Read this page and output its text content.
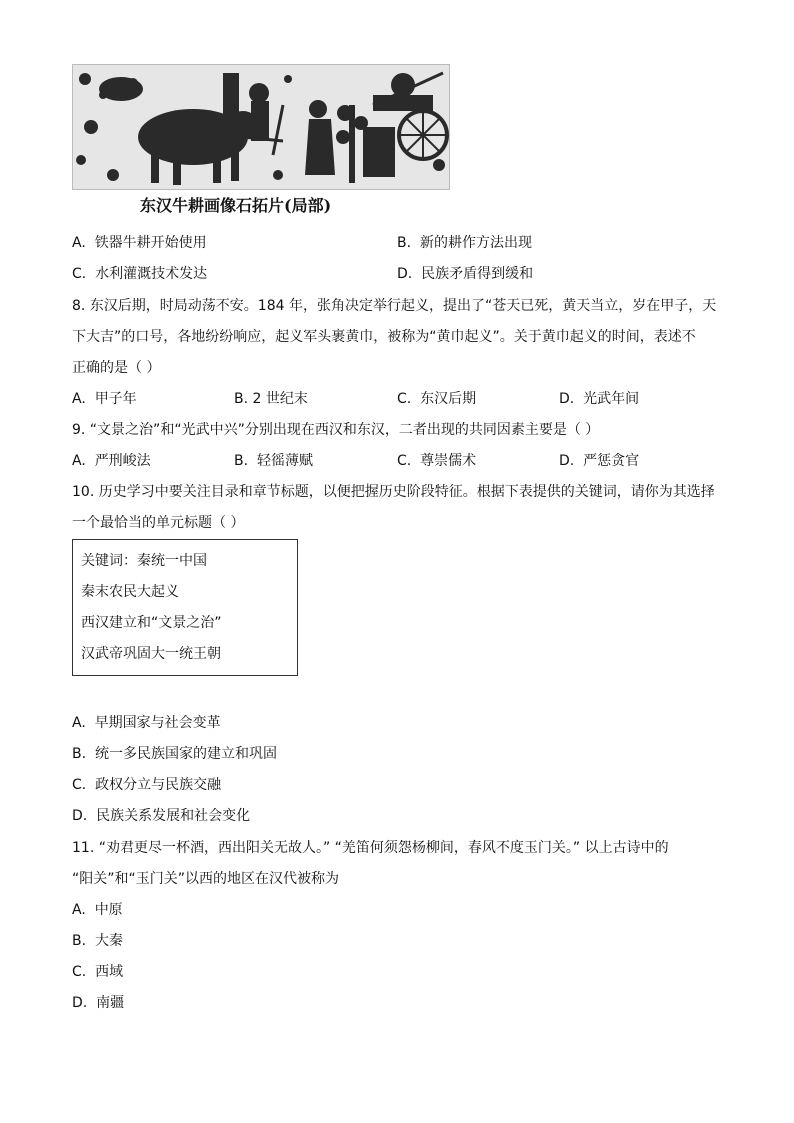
东汉牛耕画像石拓片(局部)
A. 铁器牛耕开始使用	B. 新的耕作方法出现
C. 水利灌溉技术发达	D. 民族矛盾得到缓和
8. 东汉后期，时局动荡不安。184 年，张角决定举行起义，提出了“苍天已死，黄天当立，岁在甲子，天
下大吉”的口号，各地纷纷响应，起义军头裹黄巾，被称为“黄巾起义”。关于黄巾起义的时间，表述不
正确的是（ ）
A. 甲子年	B. 2 世纪末	C. 东汉后期	D. 光武年间
9. “文景之治”和“光武中兴”分别出现在西汉和东汉，二者出现的共同因素主要是（ ）
A. 严刑峻法	B. 轻徭薄赋	C. 尊崇儒术	D. 严惩贪官
10. 历史学习中要关注目录和章节标题，以便把握历史阶段特征。根据下表提供的关键词，请你为其选择
一个最恰当的单元标题（ ）
关键词：秦统一中国
秦末农民大起义
西汉建立和“文景之治”
汉武帝巩固大一统王朝
A. 早期国家与社会变革
B. 统一多民族国家的建立和巩固
C. 政权分立与民族交融
D. 民族关系发展和社会变化
11. “劝君更尽一杯酒，西出阳关无故人。” “羌笛何须怨杨柳间，春风不度玉门关。” 以上古诗中的
“阳关”和“玉门关”以西的地区在汉代被称为
A. 中原
B. 大秦
C. 西域
D. 南疆
